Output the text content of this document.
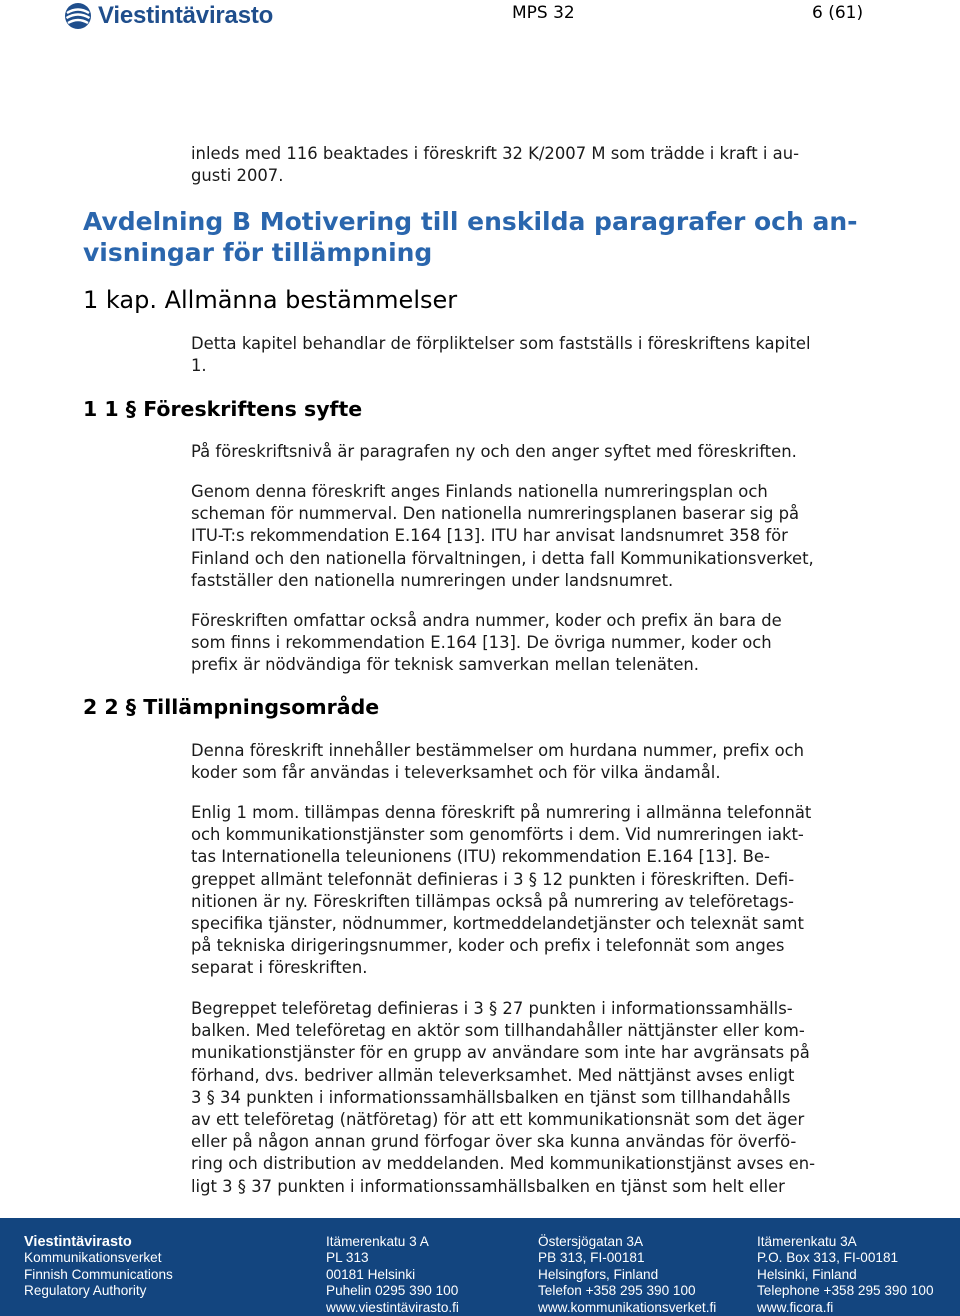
Viestintävirasto	MPS 32	6 (61)
inleds med 116 beaktades i föreskrift 32 K/2007 M som trädde i kraft i au-
gusti 2007.
Avdelning B Motivering till enskilda paragrafer och an-
visningar för tillämpning
1 kap. Allmänna bestämmelser
Detta kapitel behandlar de förpliktelser som fastställs i föreskriftens kapitel
1.
1 1 § Föreskriftens syfte
På föreskriftsnivå är paragrafen ny och den anger syftet med föreskriften.
Genom denna föreskrift anges Finlands nationella numreringsplan och
scheman för nummerval. Den nationella numreringsplanen baserar sig på
ITU-T:s rekommendation E.164 [13]. ITU har anvisat landsnumret 358 för
Finland och den nationella förvaltningen, i detta fall Kommunikationsverket,
fastställer den nationella numreringen under landsnumret.
Föreskriften omfattar också andra nummer, koder och prefix än bara de
som finns i rekommendation E.164 [13]. De övriga nummer, koder och
prefix är nödvändiga för teknisk samverkan mellan telenäten.
2 2 § Tillämpningsområde
Denna föreskrift innehåller bestämmelser om hurdana nummer, prefix och
koder som får användas i televerksamhet och för vilka ändamål.
Enlig 1 mom. tillämpas denna föreskrift på numrering i allmänna telefonnät
och kommunikationstjänster som genomförts i dem. Vid numreringen iakt-
tas Internationella teleunionens (ITU) rekommendation E.164 [13]. Be-
greppet allmänt telefonnät definieras i 3 § 12 punkten i föreskriften. Defi-
nitionen är ny. Föreskriften tillämpas också på numrering av teleföretags-
specifika tjänster, nödnummer, kortmeddelandetjänster och telexnät samt
på tekniska dirigeringsnummer, koder och prefix i telefonnät som anges
separat i föreskriften.
Begreppet teleföretag definieras i 3 § 27 punkten i informationssamhälls-
balken. Med teleföretag en aktör som tillhandahåller nättjänster eller kom-
munikationstjänster för en grupp av användare som inte har avgränsats på
förhand, dvs. bedriver allmän televerksamhet. Med nättjänst avses enligt
3 § 34 punkten i informationssamhällsbalken en tjänst som tillhandahålls
av ett teleföretag (nätföretag) för att ett kommunikationsnät som det äger
eller på någon annan grund förfogar över ska kunna användas för överfö-
ring och distribution av meddelanden. Med kommunikationstjänst avses en-
ligt 3 § 37 punkten i informationssamhällsbalken en tjänst som helt eller
Viestintävirasto
Kommunikationsverket
Finnish Communications
Regulatory Authority
Itämerenkatu 3 A
PL 313
00181 Helsinki
Puhelin 0295 390 100
www.viestintävirasto.fi
Östersjögatan 3A
PB 313, FI-00181
Helsingfors, Finland
Telefon +358 295 390 100
www.kommunikationsverket.fi
Itämerenkatu 3A
P.O. Box 313, FI-00181
Helsinki, Finland
Telephone +358 295 390 100
www.ficora.fi
